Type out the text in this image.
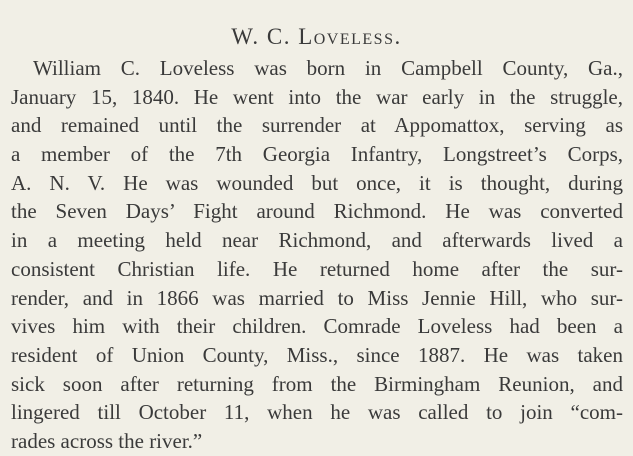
W. C. Loveless.
William C. Loveless was born in Campbell County, Ga.,
January 15, 1840. He went into the war early in the struggle,
and remained until the surrender at Appomattox, serving as
a member of the 7th Georgia Infantry, Longstreet’s Corps,
A. N. V. He was wounded but once, it is thought, during
the Seven Days’ Fight around Richmond. He was converted
in a meeting held near Richmond, and afterwards lived a
consistent Christian life. He returned home after the sur-
render, and in 1866 was married to Miss Jennie Hill, who sur-
vives him with their children. Comrade Loveless had been a
resident of Union County, Miss., since 1887. He was taken
sick soon after returning from the Birmingham Reunion, and
lingered till October 11, when he was called to join “com-
rades across the river.”
